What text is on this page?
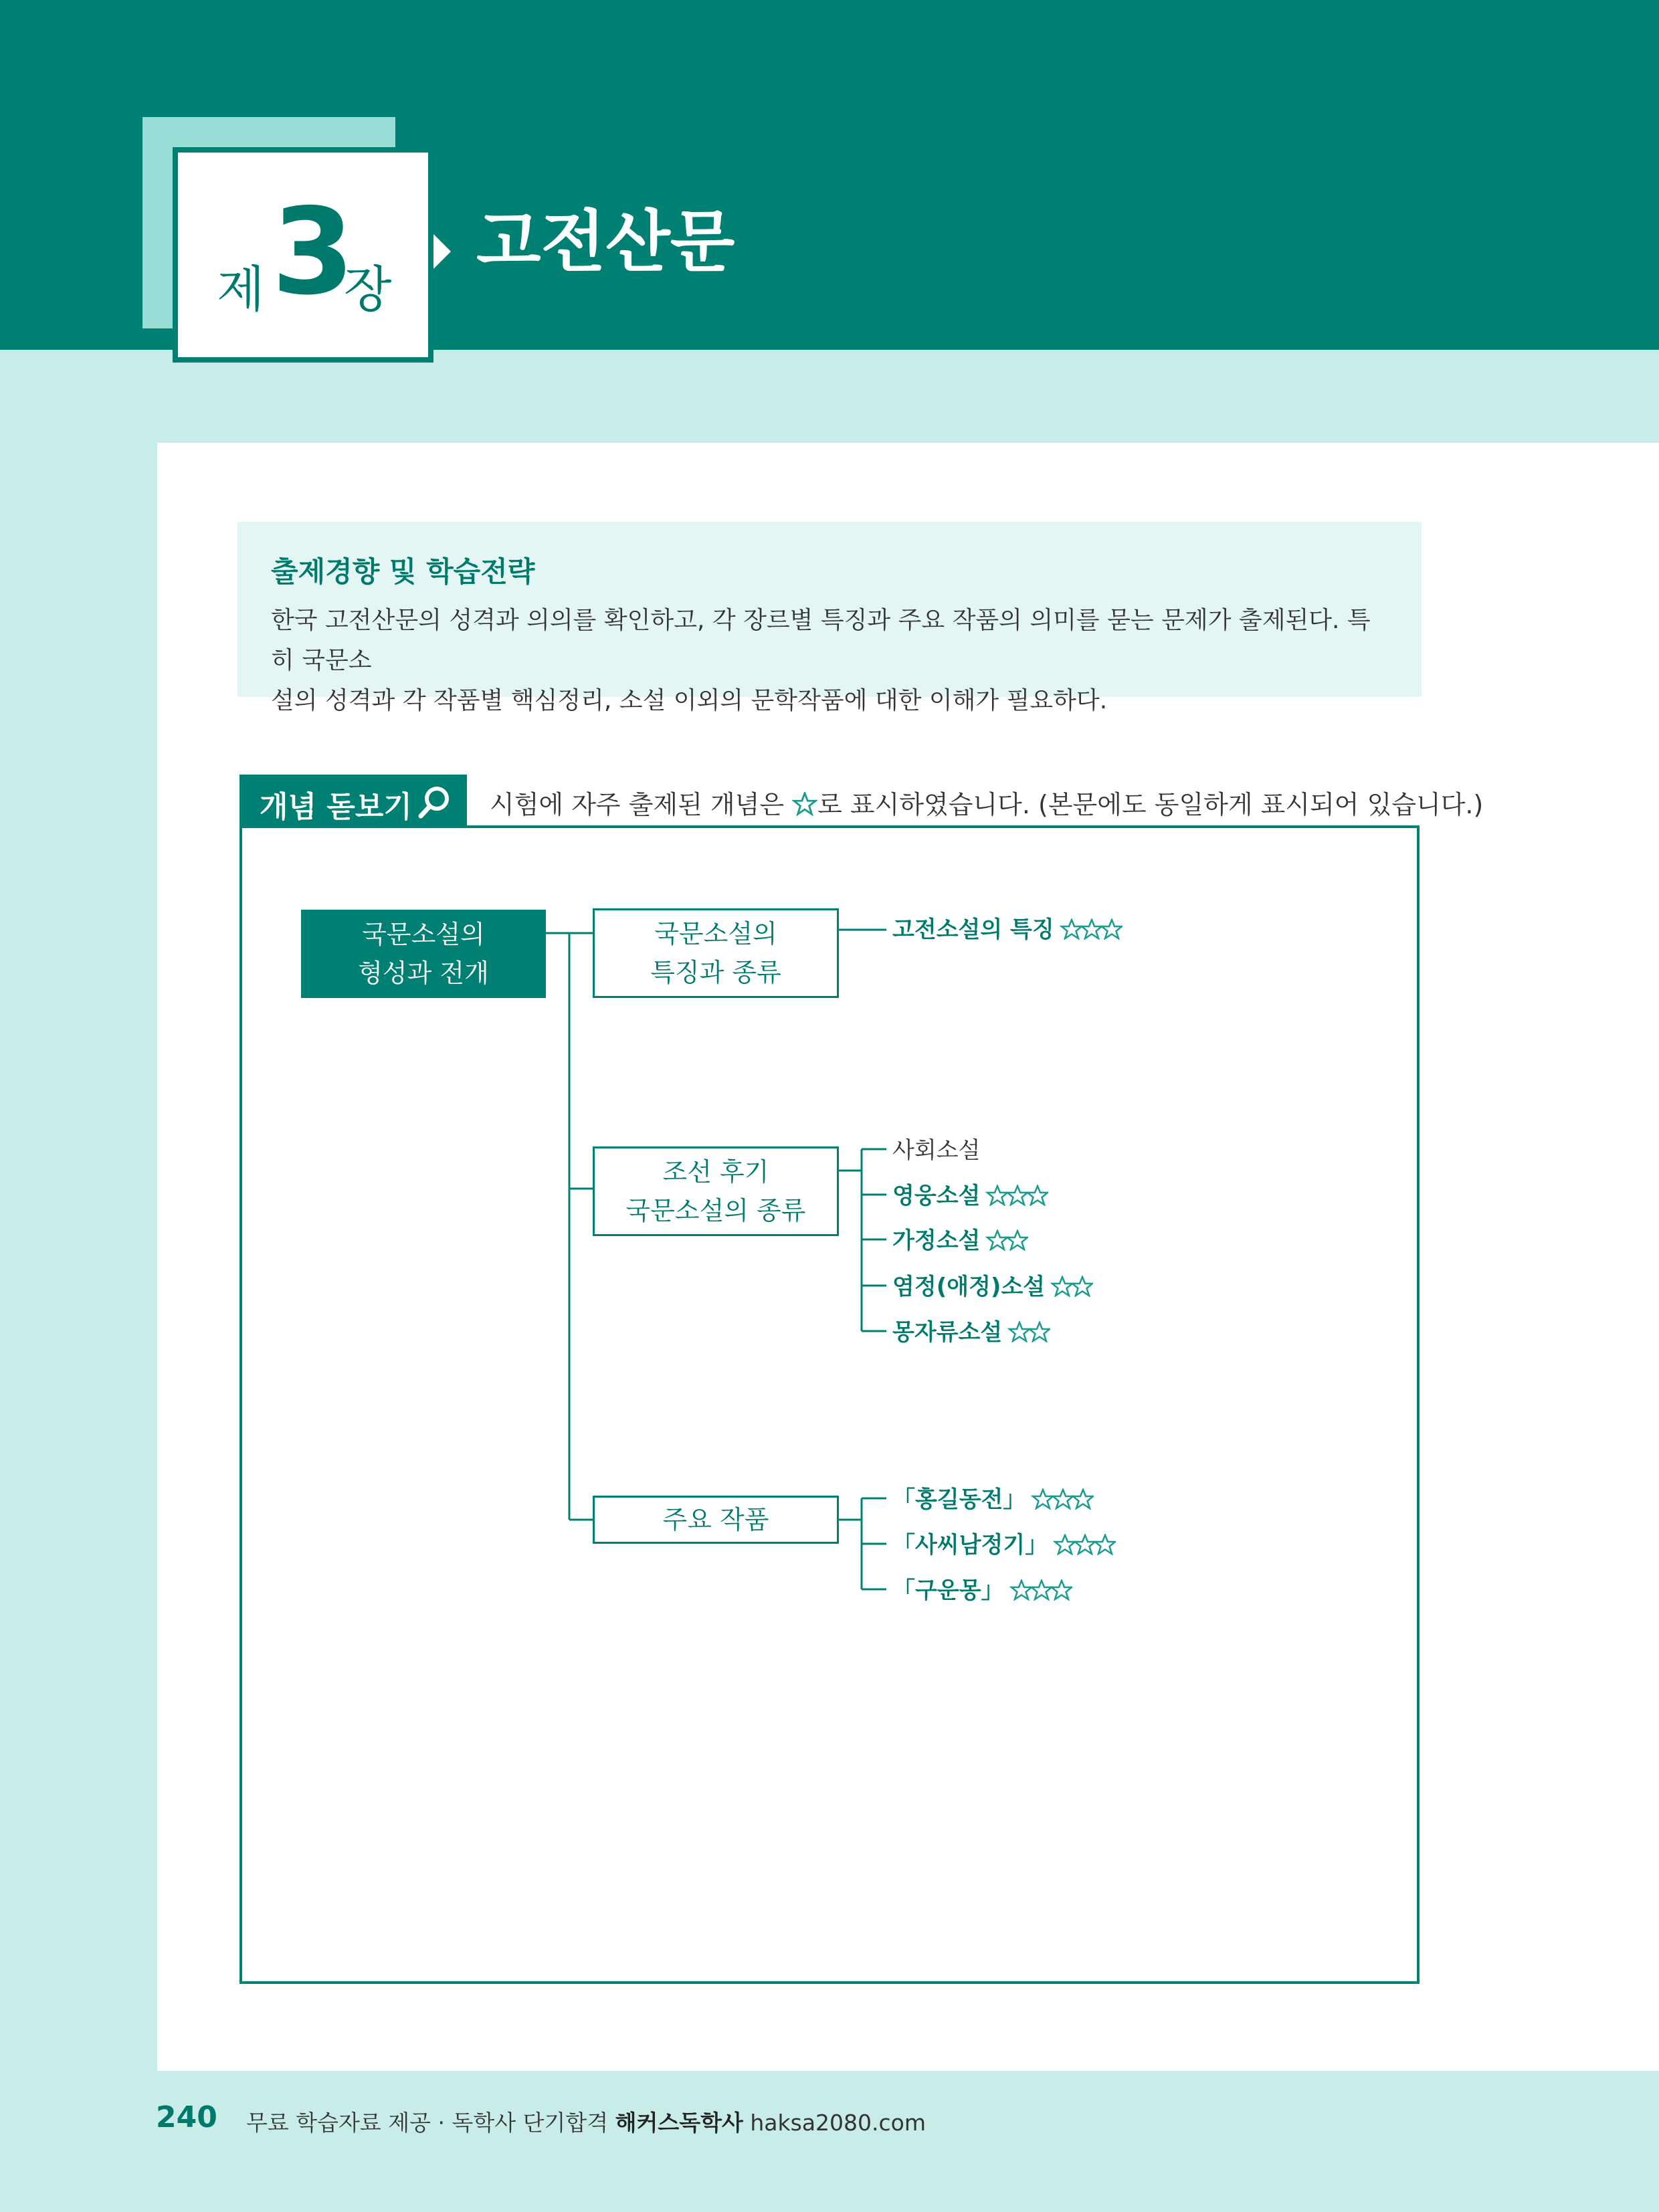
제 3
장
고전산문
출제경향 및 학습전략
한국 고전산문의 성격과 의의를 확인하고, 각 장르별 특징과 주요 작품의 의미를 묻는 문제가 출제된다. 특히 국문소
설의 성격과 각 작품별 핵심정리, 소설 이외의 문학작품에 대한 이해가 필요하다.
개념 돋보기	시험에 자주 출제된 개념은 로 표시하였습니다. (본문에도 동일하게 표시되어 있습니다.)
국문소설의
형성과 전개
국문소설의
특징과 종류
조선 후기
국문소설의 종류
주요 작품
고전소설의 특징
사회소설
영웅소설
가정소설
염정(애정)소설
몽자류소설
「홍길동전」
「사씨남정기」
「구운몽」
240 무료 학습자료 제공 · 독학사 단기합격 해커스독학사 haksa2080.com
